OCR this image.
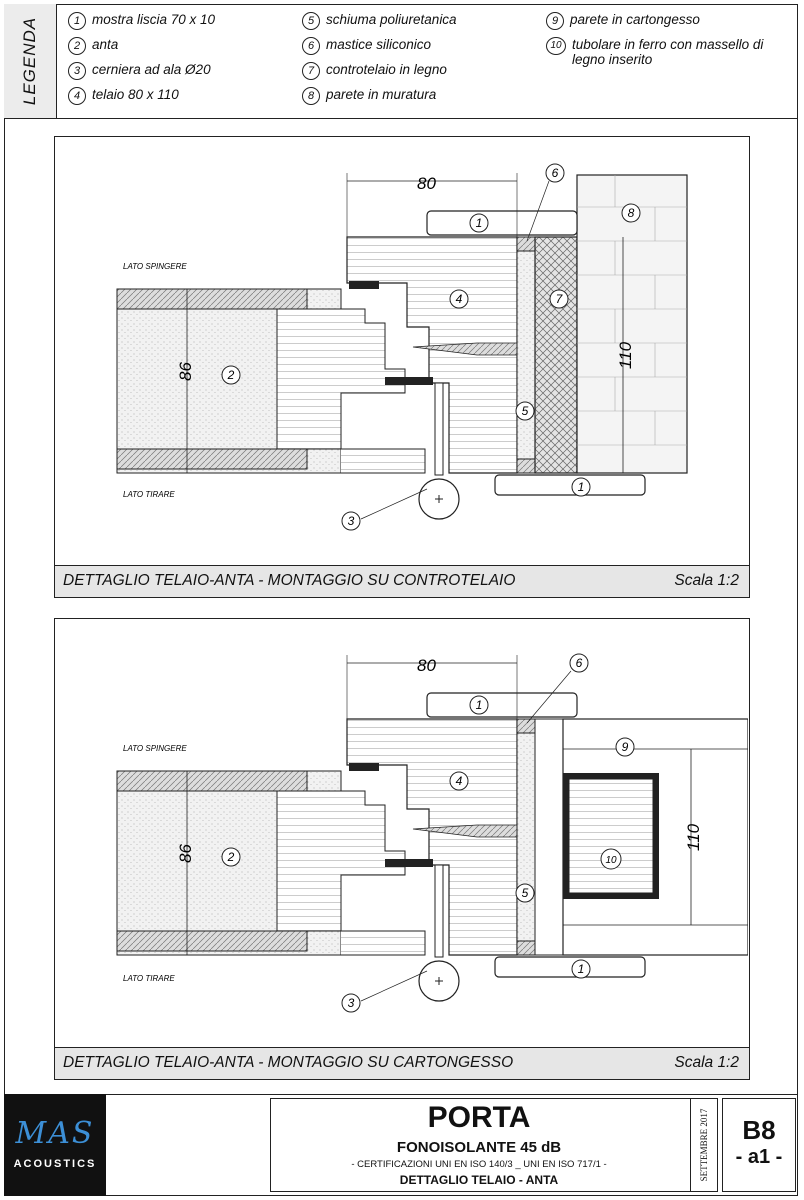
LEGENDA	1 mostra liscia 70 x 10
2 anta
3 cerniera ad ala Ø20
4 telaio 80 x 110
5 schiuma poliuretanica
6 mastice siliconico
7 controtelaio in legno
8 parete in muratura
9 parete in cartongesso
10 tubolare in ferro con massello di legno inserito
80
86
110
LATO SPINGERE
LATO TIRARE
1
2
3
4
5
6
7
8
1
DETTAGLIO TELAIO-ANTA - MONTAGGIO SU CONTROTELAIO	Scala 1:2
80
86
110
LATO SPINGERE
LATO TIRARE
1
2
3
4
5
6
9
10
1
DETTAGLIO TELAIO-ANTA - MONTAGGIO SU CARTONGESSO	Scala 1:2
MAS
ACOUSTICS
PORTA
FONOISOLANTE 45 dB
- CERTIFICAZIONI UNI EN ISO 140/3 _ UNI EN ISO 717/1 -
DETTAGLIO TELAIO - ANTA	SETTEMBRE 2017	B8
- a1 -
